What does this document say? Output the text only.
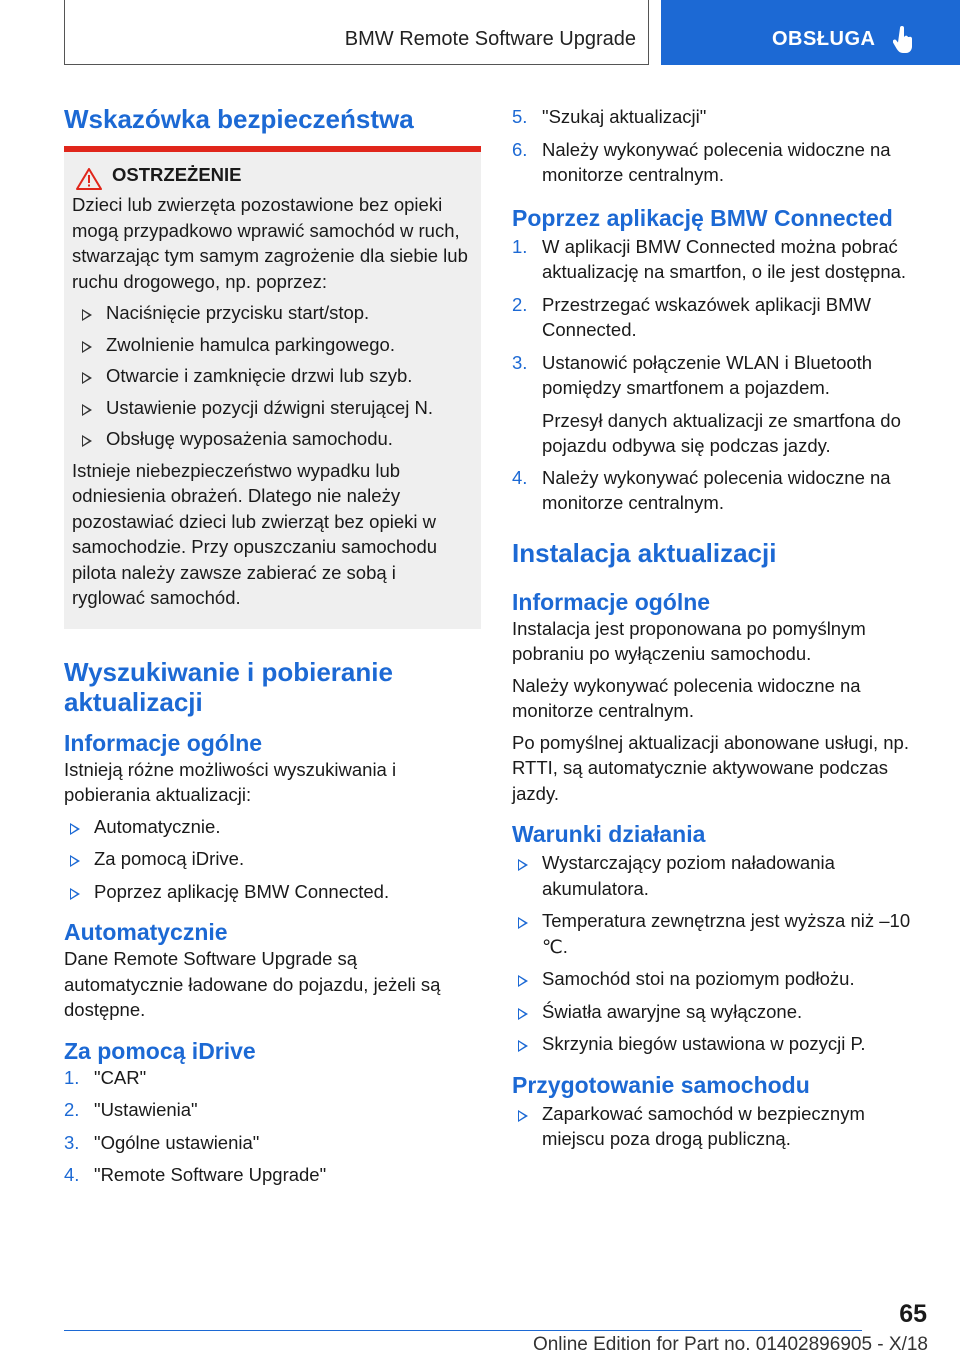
BMW Remote Software Upgrade	OBSŁUGA
Wskazówka bezpieczeństwa
OSTRZEŻENIE
Dzieci lub zwierzęta pozostawione bez opieki mogą przypadkowo wprawić samochód w ruch, stwarzając tym samym zagrożenie dla siebie lub ruchu drogowego, np. poprzez:
Naciśnięcie przycisku start/stop.
Zwolnienie hamulca parkingowego.
Otwarcie i zamknięcie drzwi lub szyb.
Ustawienie pozycji dźwigni sterującej N.
Obsługę wyposażenia samochodu.
Istnieje niebezpieczeństwo wypadku lub odniesienia obrażeń. Dlatego nie należy pozostawiać dzieci lub zwierząt bez opieki w samochodzie. Przy opuszczaniu samochodu pilota należy zawsze zabierać ze sobą i ryglować samochód.
Wyszukiwanie i pobieranie aktualizacji
Informacje ogólne
Istnieją różne możliwości wyszukiwania i pobierania aktualizacji:
Automatycznie.
Za pomocą iDrive.
Poprzez aplikację BMW Connected.
Automatycznie
Dane Remote Software Upgrade są automatycznie ładowane do pojazdu, jeżeli są dostępne.
Za pomocą iDrive
1. "CAR"
2. "Ustawienia"
3. "Ogólne ustawienia"
4. "Remote Software Upgrade"
5. "Szukaj aktualizacji"
6. Należy wykonywać polecenia widoczne na monitorze centralnym.
Poprzez aplikację BMW Connected
1. W aplikacji BMW Connected można pobrać aktualizację na smartfon, o ile jest dostępna.
2. Przestrzegać wskazówek aplikacji BMW Connected.
3. Ustanowić połączenie WLAN i Bluetooth pomiędzy smartfonem a pojazdem.
Przesył danych aktualizacji ze smartfona do pojazdu odbywa się podczas jazdy.
4. Należy wykonywać polecenia widoczne na monitorze centralnym.
Instalacja aktualizacji
Informacje ogólne
Instalacja jest proponowana po pomyślnym pobraniu po wyłączeniu samochodu.
Należy wykonywać polecenia widoczne na monitorze centralnym.
Po pomyślnej aktualizacji abonowane usługi, np. RTTI, są automatycznie aktywowane podczas jazdy.
Warunki działania
Wystarczający poziom naładowania akumulatora.
Temperatura zewnętrzna jest wyższa niż –10 ℃.
Samochód stoi na poziomym podłożu.
Światła awaryjne są wyłączone.
Skrzynia biegów ustawiona w pozycji P.
Przygotowanie samochodu
Zaparkować samochód w bezpiecznym miejscu poza drogą publiczną.
65
Online Edition for Part no. 01402896905 - X/18
